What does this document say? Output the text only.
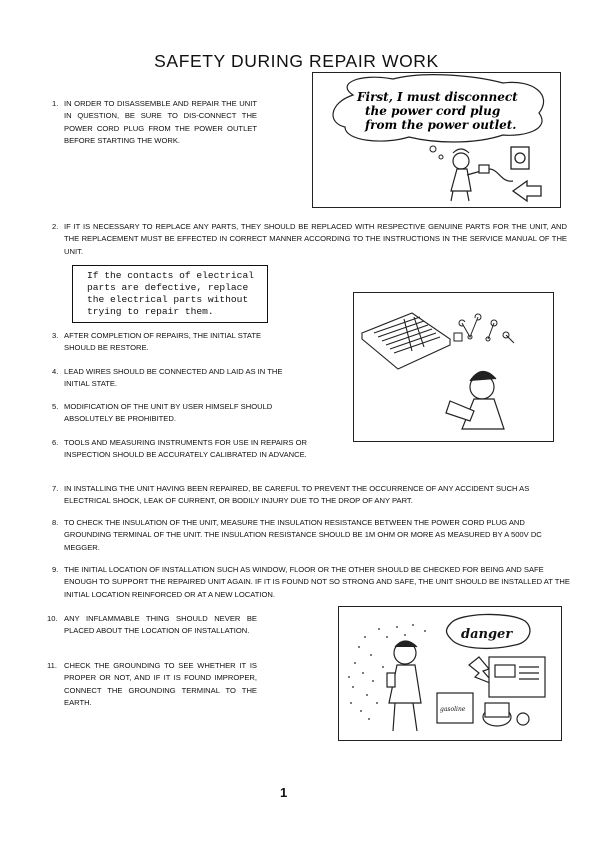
SAFETY DURING REPAIR WORK
1. IN ORDER TO DISASSEMBLE AND REPAIR THE UNIT IN QUESTION, BE SURE TO DIS-CONNECT THE POWER CORD PLUG FROM THE POWER OUTLET BEFORE STARTING THE WORK.
First, I must disconnect
the power cord plug
from the power outlet.
2. IF IT IS NECESSARY TO REPLACE ANY PARTS, THEY SHOULD BE REPLACED WITH RESPECTIVE GENUINE PARTS FOR THE UNIT, AND THE REPLACEMENT MUST BE EFFECTED IN CORRECT MANNER ACCORDING TO THE INSTRUCTIONS IN THE SERVICE MANUAL OF THE UNIT.
If the contacts of electrical
parts are defective, replace
the electrical parts without
trying to repair them.
3. AFTER COMPLETION OF REPAIRS, THE INITIAL STATE SHOULD BE RESTORE.
4. LEAD WIRES SHOULD BE CONNECTED AND LAID AS IN THE INITIAL STATE.
5. MODIFICATION OF THE UNIT BY USER HIMSELF SHOULD ABSOLUTELY BE PROHIBITED.
6. TOOLS AND MEASURING INSTRUMENTS FOR USE IN REPAIRS OR INSPECTION SHOULD BE ACCURATELY CALIBRATED IN ADVANCE.
7. IN INSTALLING THE UNIT HAVING BEEN REPAIRED, BE CAREFUL TO PREVENT THE OCCURRENCE OF ANY ACCIDENT SUCH AS ELECTRICAL SHOCK, LEAK OF CURRENT, OR BODILY INJURY DUE TO THE DROP OF ANY PART.
8. TO CHECK THE INSULATION OF THE UNIT, MEASURE THE INSULATION RESISTANCE BETWEEN THE POWER CORD PLUG AND GROUNDING TERMINAL OF THE UNIT. THE INSULATION RESISTANCE SHOULD BE 1M OHM OR MORE AS MEASURED BY A 500V DC MEGGER.
9. THE INITIAL LOCATION OF INSTALLATION SUCH AS WINDOW, FLOOR OR THE OTHER SHOULD BE CHECKED FOR BEING AND SAFE ENOUGH TO SUPPORT THE REPAIRED UNIT AGAIN. IF IT IS FOUND NOT SO STRONG AND SAFE, THE UNIT SHOULD BE INSTALLED AT THE INITIAL LOCATION REINFORCED OR AT A NEW LOCATION.
10. ANY INFLAMMABLE THING SHOULD NEVER BE PLACED ABOUT THE LOCATION OF INSTALLATION.
11. CHECK THE GROUNDING TO SEE WHETHER IT IS PROPER OR NOT, AND IF IT IS FOUND IMPROPER, CONNECT THE GROUNDING TERMINAL TO THE EARTH.
danger
gasoline
1
